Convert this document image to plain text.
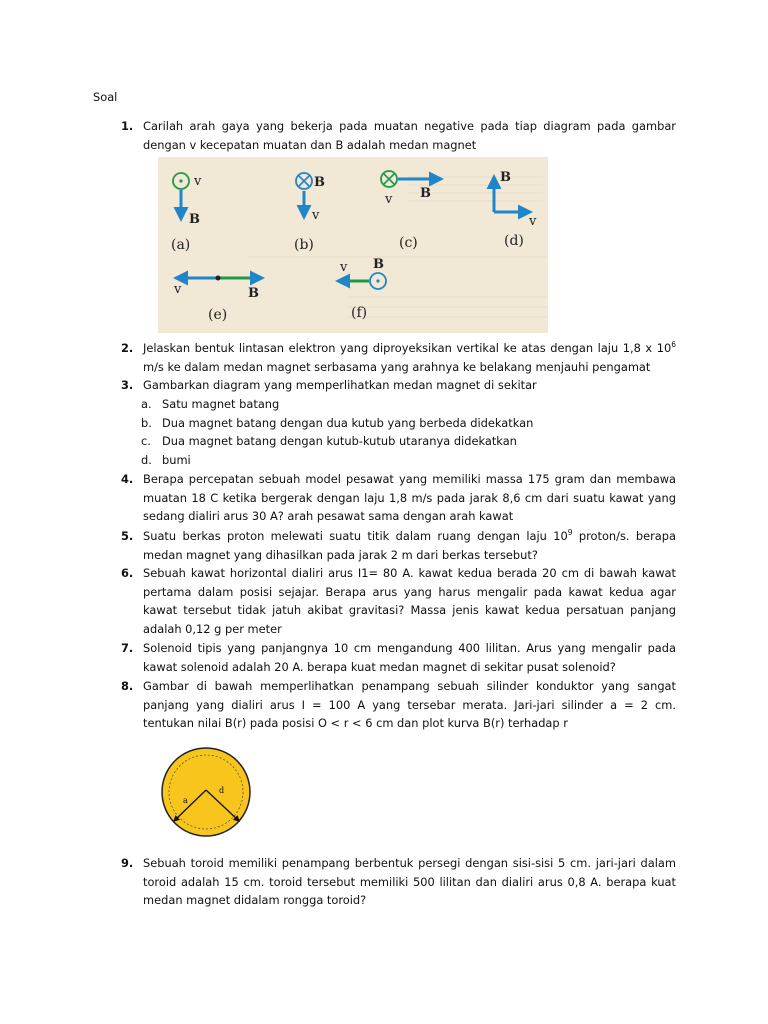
Soal
1. Carilah arah gaya yang bekerja pada muatan negative pada tiap diagram pada gambar dengan v kecepatan muatan dan B adalah medan magnet
v
B
(a)
B
v
(b)
v B
(c)
B
v
(d)
v	B
(e)
v B
(f)
2. Jelaskan bentuk lintasan elektron yang diproyeksikan vertikal ke atas dengan laju 1,8 x $10^6$ m/s ke dalam medan magnet serbasama yang arahnya ke belakang menjauhi pengamat
3. Gambarkan diagram yang memperlihatkan medan magnet di sekitar
a. Satu magnet batang
b. Dua magnet batang dengan dua kutub yang berbeda didekatkan
c. Dua magnet batang dengan kutub-kutub utaranya didekatkan
d. bumi
4. Berapa percepatan sebuah model pesawat yang memiliki massa 175 gram dan membawa muatan 18 C ketika bergerak dengan laju 1,8 m/s pada jarak 8,6 cm dari suatu kawat yang sedang dialiri arus 30 A? arah pesawat sama dengan arah kawat
5. Suatu berkas proton melewati suatu titik dalam ruang dengan laju $10^9$ proton/s. berapa medan magnet yang dihasilkan pada jarak 2 m dari berkas tersebut?
6. Sebuah kawat horizontal dialiri arus I1= 80 A. kawat kedua berada 20 cm di bawah kawat pertama dalam posisi sejajar. Berapa arus yang harus mengalir pada kawat kedua agar kawat tersebut tidak jatuh akibat gravitasi? Massa jenis kawat kedua persatuan panjang adalah 0,12 g per meter
7. Solenoid tipis yang panjangnya 10 cm mengandung 400 lilitan. Arus yang mengalir pada kawat solenoid adalah 20 A. berapa kuat medan magnet di sekitar pusat solenoid?
8. Gambar di bawah memperlihatkan penampang sebuah silinder konduktor yang sangat panjang yang dialiri arus I = 100 A yang tersebar merata. Jari-jari silinder a = 2 cm. tentukan nilai B(r) pada posisi O < r < 6 cm dan plot kurva B(r) terhadap r
a
d
9. Sebuah toroid memiliki penampang berbentuk persegi dengan sisi-sisi 5 cm. jari-jari dalam toroid adalah 15 cm. toroid tersebut memiliki 500 lilitan dan dialiri arus 0,8 A. berapa kuat medan magnet didalam rongga toroid?
